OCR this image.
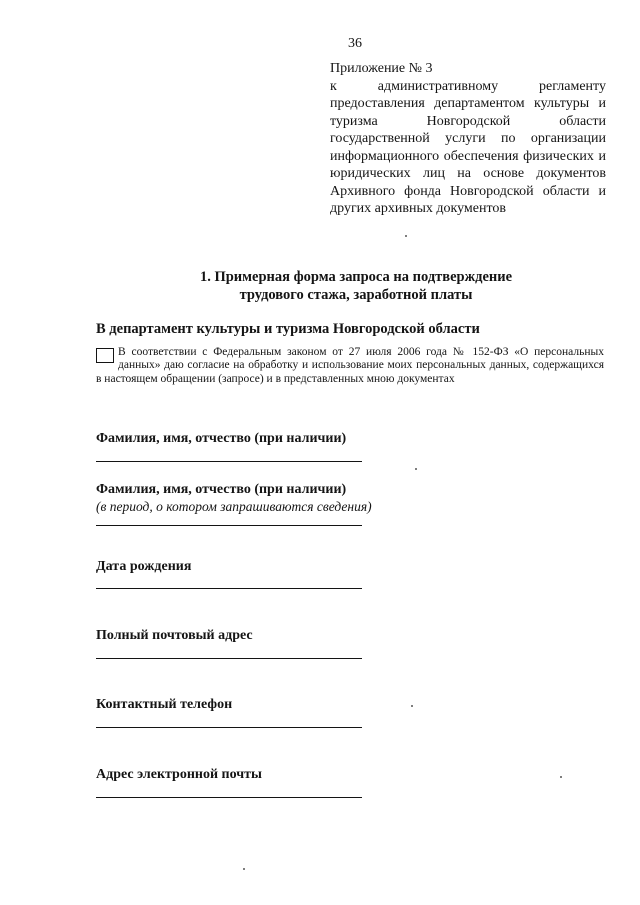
36
Приложение № 3
к административному регламенту предоставления департаментом культуры и туризма Новгородской области государственной услуги по организации информационного обеспечения физических и юридических лиц на основе документов Архивного фонда Новгородской области и других архивных документов
1. Примерная форма запроса на подтверждение
трудового стажа, заработной платы
В департамент культуры и туризма Новгородской области
В соответствии с Федеральным законом от 27 июля 2006 года № 152-ФЗ «О персональных данных» даю согласие на обработку и использование моих персональных данных, содержащихся в настоящем обращении (запросе) и в представленных мною документах
Фамилия, имя, отчество (при наличии)
Фамилия, имя, отчество (при наличии)
(в период, о котором запрашиваются сведения)
Дата рождения
Полный почтовый адрес
Контактный телефон
Адрес электронной почты
